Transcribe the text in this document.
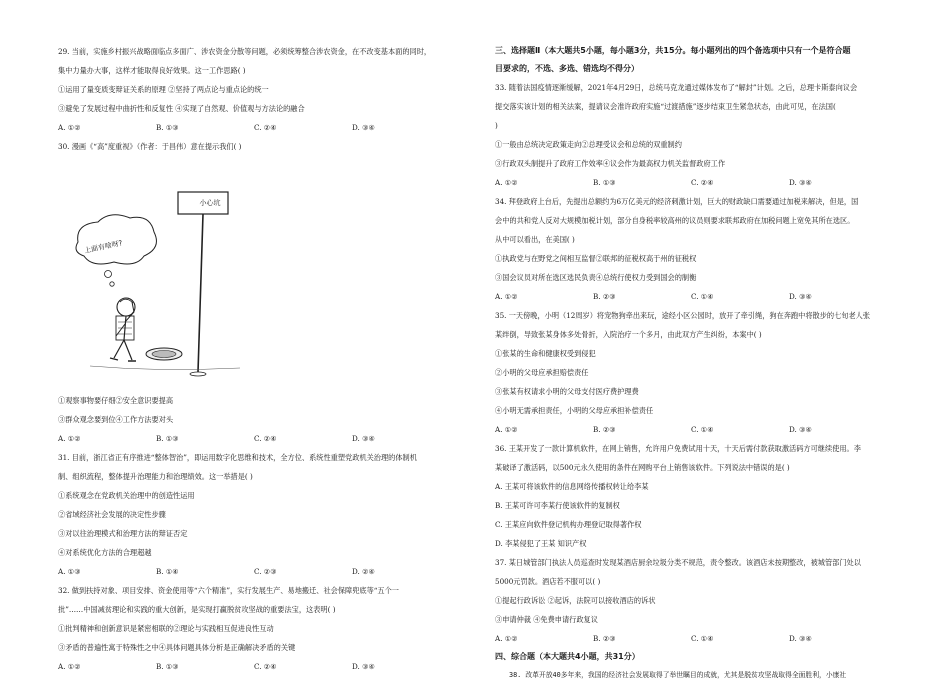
29. 当前，实施乡村振兴战略面临点多面广、涉农资金分散等问题，必须统筹整合涉农资金，在不改变基本面的同时，
集中力量办大事，这样才能取得良好效果。这一工作思路( )
①运用了量变质变辩证关系的原理 ②坚持了两点论与重点论的统一
③避免了发展过程中曲折性和反复性 ④实现了自然观、价值观与方法论的融合
A. ①②	B. ①③	C. ②④	D. ③④
30. 漫画《“高”度重视》（作者：于昌伟）意在提示我们( )
小心坑
上面有啥呀?
①观察事物要仔细②安全意识要提高
③群众观念要到位④工作方法要对头
A. ①②	B. ①③	C. ②④	D. ③④
31. 目前，浙江省正有序推进“整体智治”，即运用数字化思维和技术，全方位、系统性重塑党政机关治理的体制机
制、组织流程，整体提升治理能力和治理绩效。这一举措是( )
①系统观念在党政机关治理中的创造性运用
②省域经济社会发展的决定性步骤
③对以往治理模式和治理方法的辩证否定
④对系统优化方法的合理超越
A. ①③	B. ①④	C. ②③	D. ②④
32. 做到扶持对象、项目安排、资金使用等“六个精准”，实行发展生产、易地搬迁、社会保障兜底等“五个一
批”……中国减贫理论和实践的重大创新，是实现打赢脱贫攻坚战的重要法宝，这表明( )
①批判精神和创新意识是紧密相联的②理论与实践相互促进良性互动
③矛盾的普遍性寓于特殊性之中④具体问题具体分析是正确解决矛盾的关键
A. ①②	B. ①③	C. ②④	D. ③④
三、选择题Ⅱ（本大题共5小题，每小题3分，共15分。每小题列出的四个备选项中只有一个是符合题
目要求的，不选、多选、错选均不得分）
33. 随着法国疫情逐渐缓解，2021年4月29日，总统马克龙通过媒体发布了“解封”计划。之后，总理卡斯泰向议会
提交落实该计划的相关法案，提请议会准许政府实施“过渡措施”逐步结束卫生紧急状态，由此可见，在法国(
)
①一般由总统决定政策走向②总理受议会和总统的双重制约
③行政双头制提升了政府工作效率④议会作为最高权力机关监督政府工作
A. ①②	B. ①③	C. ②④	D. ③④
34. 拜登政府上台后，先提出总额约为6万亿美元的经济刺激计划，巨大的财政缺口需要通过加税来解决，但是，国
会中的共和党人反对大规模加税计划，部分自身税率较高州的议员则要求联邦政府在加税问题上宽免其所在选区。
从中可以看出，在美国( )
①执政党与在野党之间相互监督②联邦的征税权高于州的征税权
③国会议员对所在选区选民负责④总统行使权力受到国会的制衡
A. ①②	B. ②③	C. ①④	D. ③④
35. 一天傍晚，小明（12周岁）将宠物狗牵出来玩，途经小区公园时，放开了牵引绳，狗在奔跑中将散步的七旬老人张
某绊倒，导致张某身体多处骨折，入院治疗一个多月，由此双方产生纠纷，本案中( )
①张某的生命和健康权受到侵犯
②小明的父母应承担赔偿责任
③张某有权请求小明的父母支付医疗费护理费
④小明无需承担责任，小明的父母应承担补偿责任
A. ①②	B. ②③	C. ①④	D. ③④
36. 王某开发了一款计算机软件，在网上销售，允许用户免费试用十天，十天后需付款获取激活码方可继续使用。李
某破译了激活码，以500元永久使用的条件在网购平台上销售该软件。下列说法中错误的是( )
A. 王某可将该软件的信息网络传播权转让给李某
B. 王某可许可李某行使该软件的复制权
C. 王某应向软件登记机构办理登记取得著作权
D. 李某侵犯了王某 知识产权
37. 某日城管部门执法人员巡查时发现某酒店厨余垃圾分类不规范，责令整改。该酒店未按期整改，被城管部门处以
5000元罚款。酒店若不服可以( )
①提起行政诉讼 ②起诉，法院可以接收酒店的诉状
③申请仲裁 ④免费申请行政复议
A. ①②	B. ②③	C. ①④	D. ③④
四、综合题（本大题共4小题，共31分）
38. 改革开放40多年来，我国的经济社会发展取得了举世瞩目的成就，尤其是脱贫攻坚战取得全面胜利，小康社
